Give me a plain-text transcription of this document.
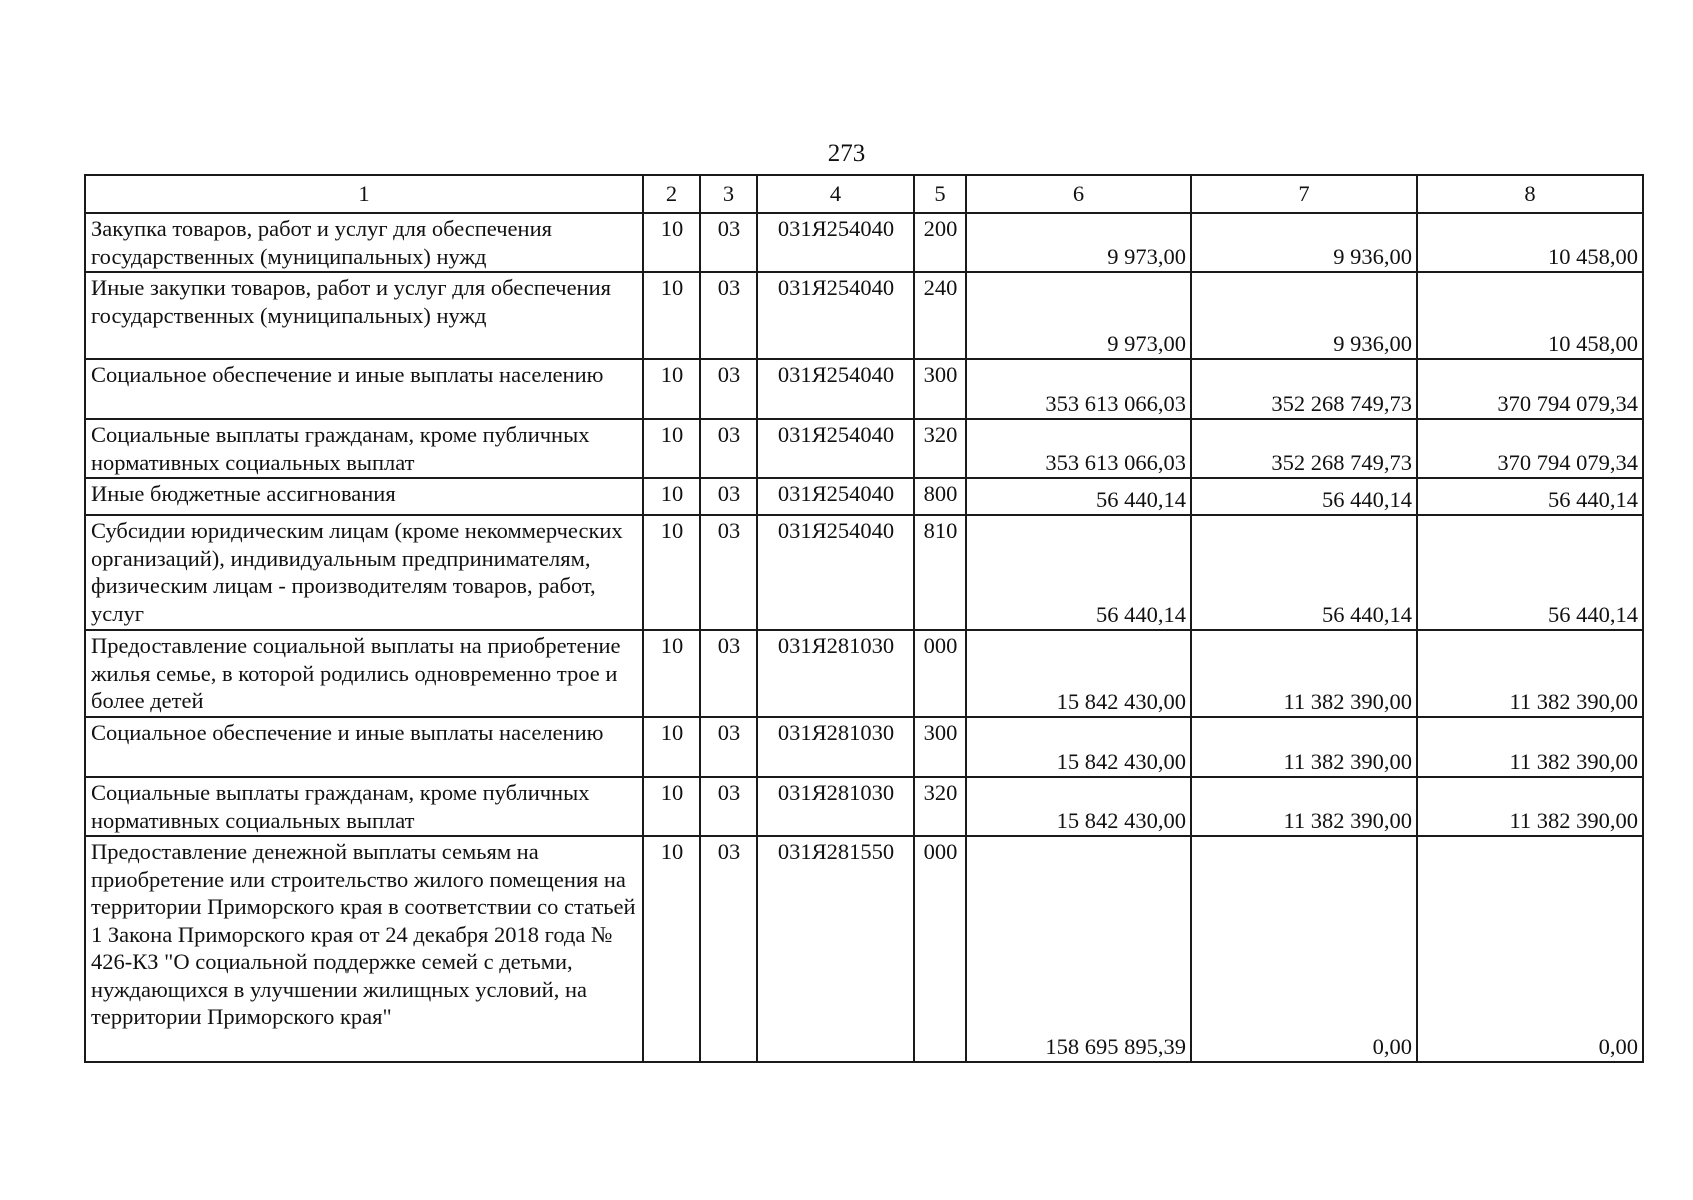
273
1	2	3	4	5	6	7	8
Закупка товаров, работ и услуг для обеспечения государственных (муниципальных) нужд	10	03	031Я254040	200	9 973,00	9 936,00	10 458,00
Иные закупки товаров, работ и услуг для обеспечения государственных (муниципальных) нужд	10	03	031Я254040	240	9 973,00	9 936,00	10 458,00
Социальное обеспечение и иные выплаты населению	10	03	031Я254040	300	353 613 066,03	352 268 749,73	370 794 079,34
Социальные выплаты гражданам, кроме публичных нормативных социальных выплат	10	03	031Я254040	320	353 613 066,03	352 268 749,73	370 794 079,34
Иные бюджетные ассигнования	10	03	031Я254040	800	56 440,14	56 440,14	56 440,14
Субсидии юридическим лицам (кроме некоммерческих организаций), индивидуальным предпринимателям, физическим лицам - производителям товаров, работ, услуг	10	03	031Я254040	810	56 440,14	56 440,14	56 440,14
Предоставление социальной выплаты на приобретение жилья семье, в которой родились одновременно трое и более детей	10	03	031Я281030	000	15 842 430,00	11 382 390,00	11 382 390,00
Социальное обеспечение и иные выплаты населению	10	03	031Я281030	300	15 842 430,00	11 382 390,00	11 382 390,00
Социальные выплаты гражданам, кроме публичных нормативных социальных выплат	10	03	031Я281030	320	15 842 430,00	11 382 390,00	11 382 390,00
Предоставление денежной выплаты семьям на приобретение или строительство жилого помещения на территории Приморского края в соответствии со статьей 1 Закона Приморского края от 24 декабря 2018 года № 426-КЗ "О социальной поддержке семей с детьми, нуждающихся в улучшении жилищных условий, на территории Приморского края"	10	03	031Я281550	000	158 695 895,39	0,00	0,00
